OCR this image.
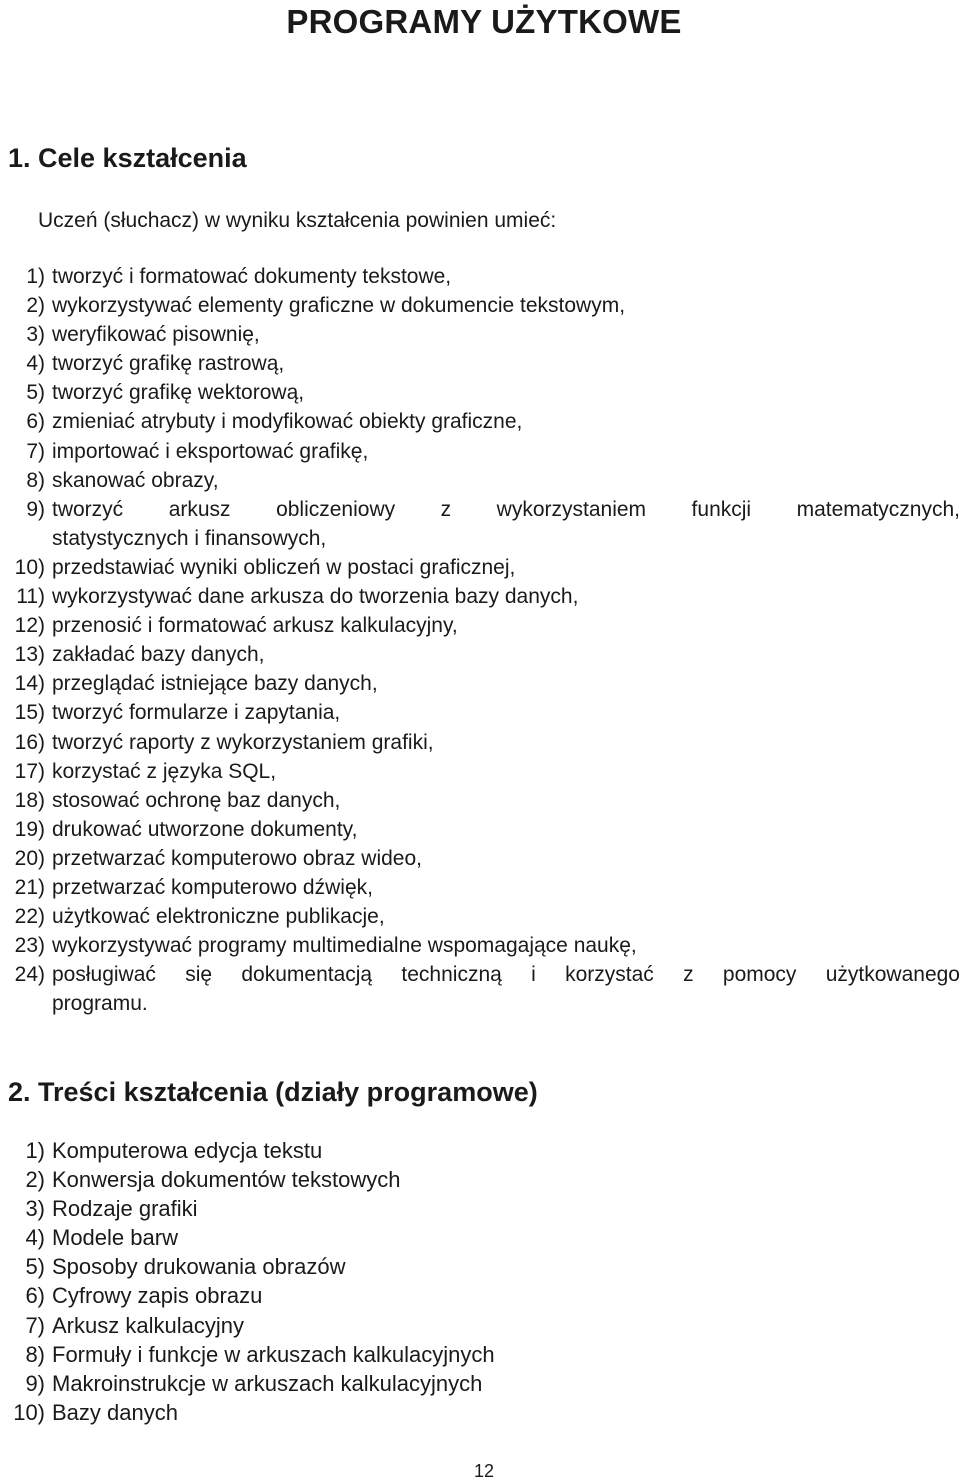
PROGRAMY UŻYTKOWE
1. Cele kształcenia
Uczeń (słuchacz) w wyniku kształcenia powinien umieć:
1) tworzyć i formatować dokumenty tekstowe,
2) wykorzystywać elementy graficzne w dokumencie tekstowym,
3) weryfikować pisownię,
4) tworzyć grafikę rastrową,
5) tworzyć grafikę wektorową,
6) zmieniać atrybuty i modyfikować obiekty graficzne,
7) importować i eksportować grafikę,
8) skanować obrazy,
9) tworzyć arkusz obliczeniowy z wykorzystaniem funkcji matematycznych,
statystycznych i finansowych,
10) przedstawiać wyniki obliczeń w postaci graficznej,
11) wykorzystywać dane arkusza do tworzenia bazy danych,
12) przenosić i formatować arkusz kalkulacyjny,
13) zakładać bazy danych,
14) przeglądać istniejące bazy danych,
15) tworzyć formularze i zapytania,
16) tworzyć raporty z wykorzystaniem grafiki,
17) korzystać z języka SQL,
18) stosować ochronę baz danych,
19) drukować utworzone dokumenty,
20) przetwarzać komputerowo obraz wideo,
21) przetwarzać komputerowo dźwięk,
22) użytkować elektroniczne publikacje,
23) wykorzystywać programy multimedialne wspomagające naukę,
24) posługiwać się dokumentacją techniczną i korzystać z pomocy użytkowanego
programu.
2. Treści kształcenia (działy programowe)
1) Komputerowa edycja tekstu
2) Konwersja dokumentów tekstowych
3) Rodzaje grafiki
4) Modele barw
5) Sposoby drukowania obrazów
6) Cyfrowy zapis obrazu
7) Arkusz kalkulacyjny
8) Formuły i funkcje w arkuszach kalkulacyjnych
9) Makroinstrukcje w arkuszach kalkulacyjnych
10) Bazy danych
12
